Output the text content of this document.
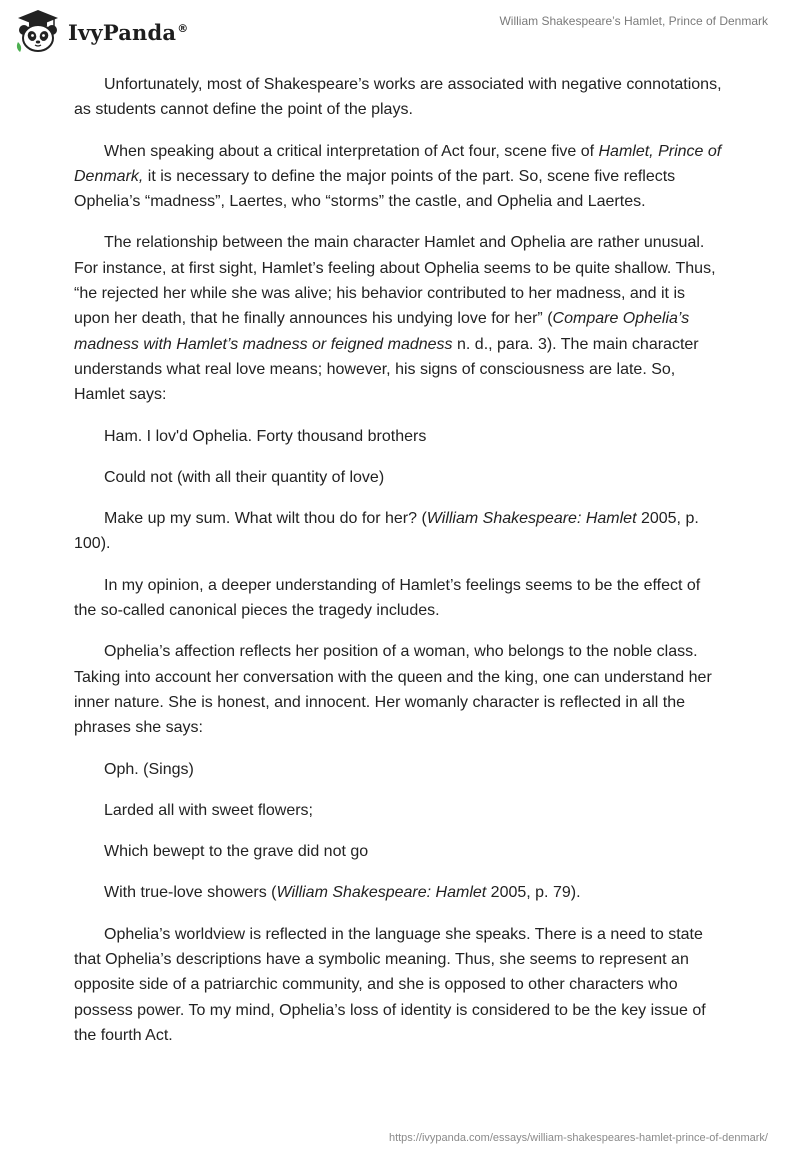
IvyPanda®	William Shakespeare’s Hamlet, Prince of Denmark

Unfortunately, most of Shakespeare’s works are associated with negative connotations, as students cannot define the point of the plays.

When speaking about a critical interpretation of Act four, scene five of Hamlet, Prince of Denmark, it is necessary to define the major points of the part. So, scene five reflects Ophelia’s “madness”, Laertes, who “storms” the castle, and Ophelia and Laertes.

The relationship between the main character Hamlet and Ophelia are rather unusual. For instance, at first sight, Hamlet’s feeling about Ophelia seems to be quite shallow. Thus, “he rejected her while she was alive; his behavior contributed to her madness, and it is upon her death, that he finally announces his undying love for her” (Compare Ophelia’s madness with Hamlet’s madness or feigned madness n. d., para. 3). The main character understands what real love means; however, his signs of consciousness are late. So, Hamlet says:

Ham. I lov'd Ophelia. Forty thousand brothers

Could not (with all their quantity of love)

Make up my sum. What wilt thou do for her? (William Shakespeare: Hamlet 2005, p. 100).

In my opinion, a deeper understanding of Hamlet’s feelings seems to be the effect of the so-called canonical pieces the tragedy includes.

Ophelia’s affection reflects her position of a woman, who belongs to the noble class. Taking into account her conversation with the queen and the king, one can understand her inner nature. She is honest, and innocent. Her womanly character is reflected in all the phrases she says:

Oph. (Sings)

Larded all with sweet flowers;

Which bewept to the grave did not go

With true-love showers (William Shakespeare: Hamlet 2005, p. 79).

Ophelia’s worldview is reflected in the language she speaks. There is a need to state that Ophelia’s descriptions have a symbolic meaning. Thus, she seems to represent an opposite side of a patriarchic community, and she is opposed to other characters who possess power. To my mind, Ophelia’s loss of identity is considered to be the key issue of the fourth Act.

https://ivypanda.com/essays/william-shakespeares-hamlet-prince-of-denmark/
